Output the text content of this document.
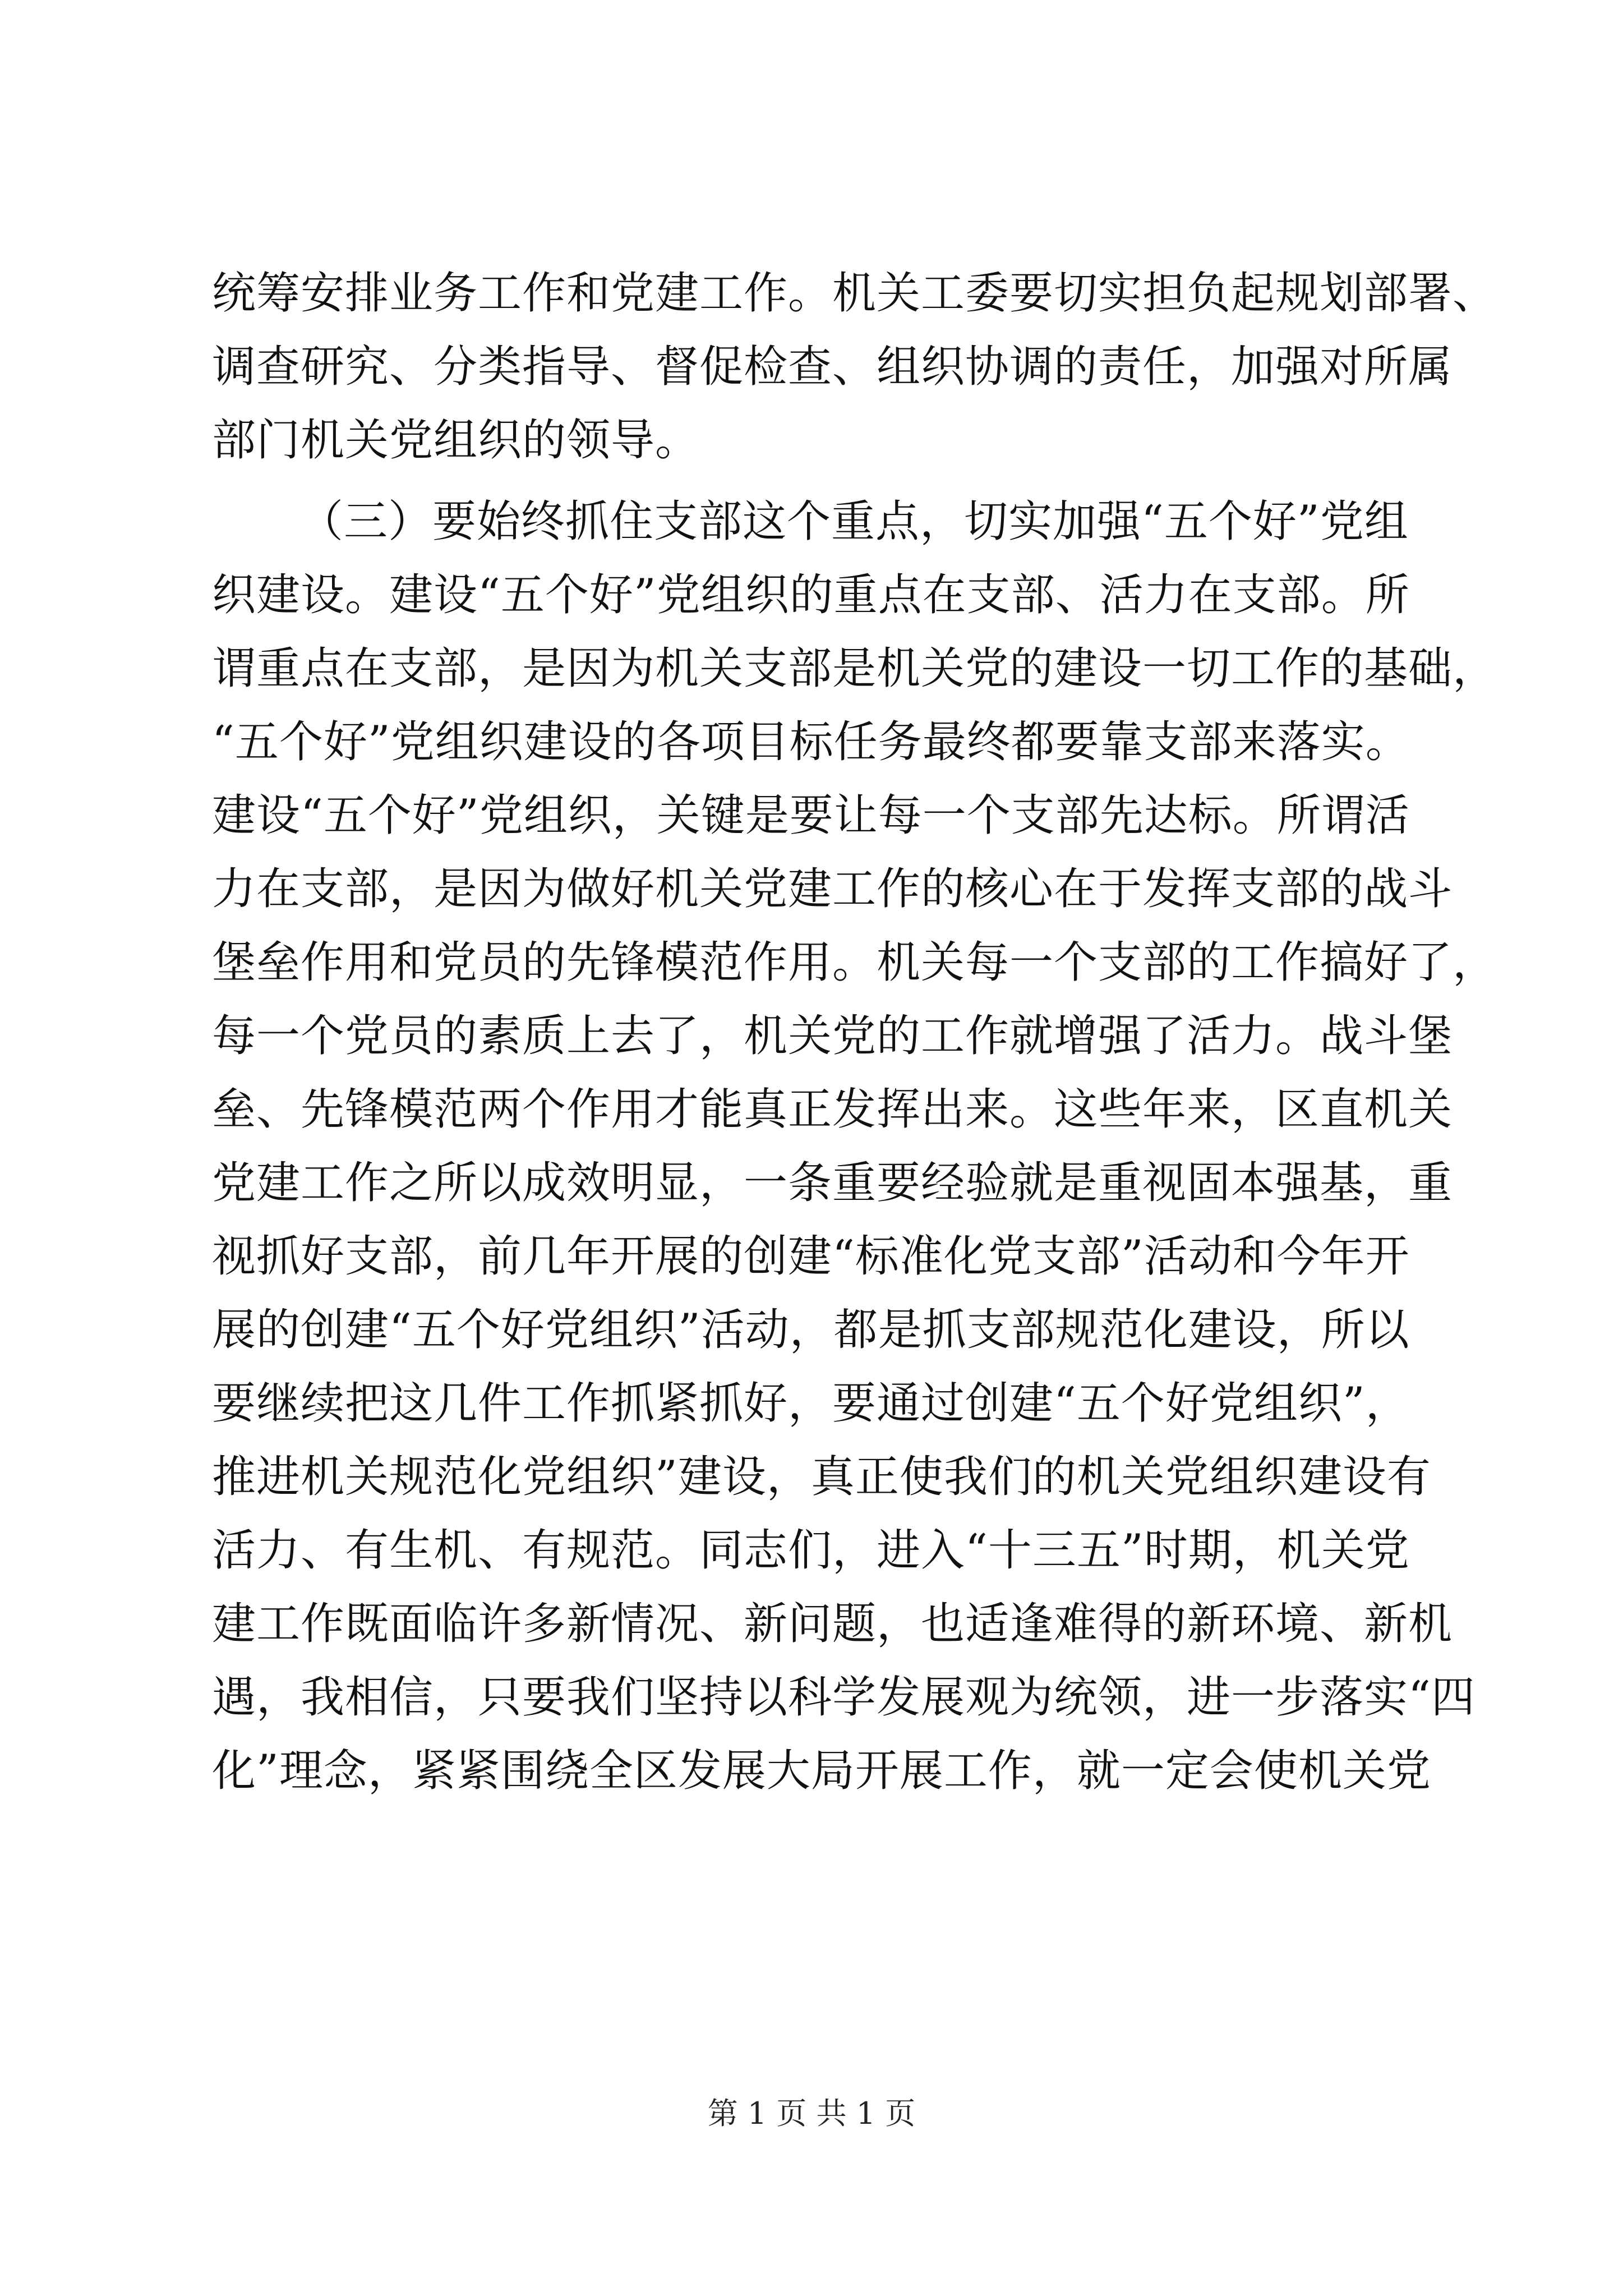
统筹安排业务工作和党建工作。机关工委要切实担负起规划部署、
调查研究、分类指导、督促检查、组织协调的责任，加强对所属
部门机关党组织的领导。
（三）要始终抓住支部这个重点，切实加强“五个好”党组
织建设。建设“五个好”党组织的重点在支部、活力在支部。所
谓重点在支部，是因为机关支部是机关党的建设一切工作的基础，
“五个好”党组织建设的各项目标任务最终都要靠支部来落实。
建设“五个好”党组织，关键是要让每一个支部先达标。所谓活
力在支部，是因为做好机关党建工作的核心在于发挥支部的战斗
堡垒作用和党员的先锋模范作用。机关每一个支部的工作搞好了，
每一个党员的素质上去了，机关党的工作就增强了活力。战斗堡
垒、先锋模范两个作用才能真正发挥出来。这些年来，区直机关
党建工作之所以成效明显，一条重要经验就是重视固本强基，重
视抓好支部，前几年开展的创建“标准化党支部”活动和今年开
展的创建“五个好党组织”活动，都是抓支部规范化建设，所以
要继续把这几件工作抓紧抓好，要通过创建“五个好党组织”，
推进机关规范化党组织”建设，真正使我们的机关党组织建设有
活力、有生机、有规范。同志们，进入“十三五”时期，机关党
建工作既面临许多新情况、新问题，也适逢难得的新环境、新机
遇，我相信，只要我们坚持以科学发展观为统领，进一步落实“四
化”理念，紧紧围绕全区发展大局开展工作，就一定会使机关党
第 1 页 共 1 页
